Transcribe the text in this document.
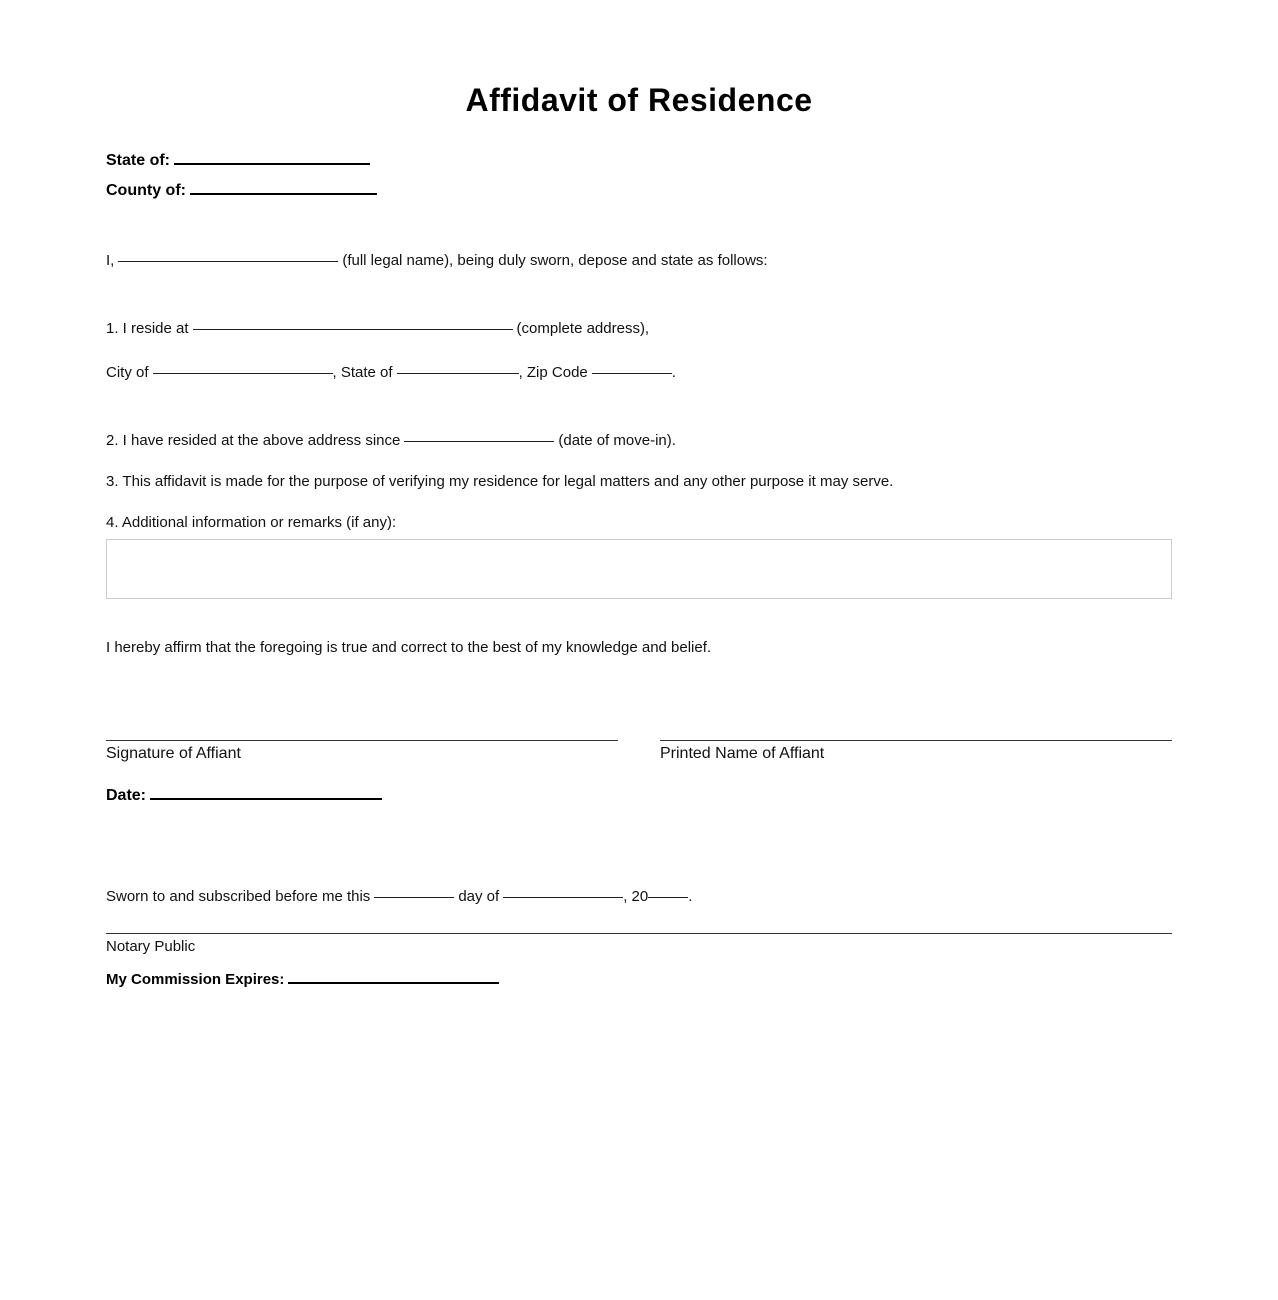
Affidavit of Residence
State of:
County of:
I,	(full legal name), being duly sworn, depose and state as follows:
1. I reside at	(complete address),
City of	, State of	, Zip Code	.
2. I have resided at the above address since	(date of move-in).
3. This affidavit is made for the purpose of verifying my residence for legal matters and any other purpose it may serve.
4. Additional information or remarks (if any):
I hereby affirm that the foregoing is true and correct to the best of my knowledge and belief.
Signature of Affiant	Printed Name of Affiant
Date:
Sworn to and subscribed before me this	day of	, 20	.
Notary Public
My Commission Expires:
